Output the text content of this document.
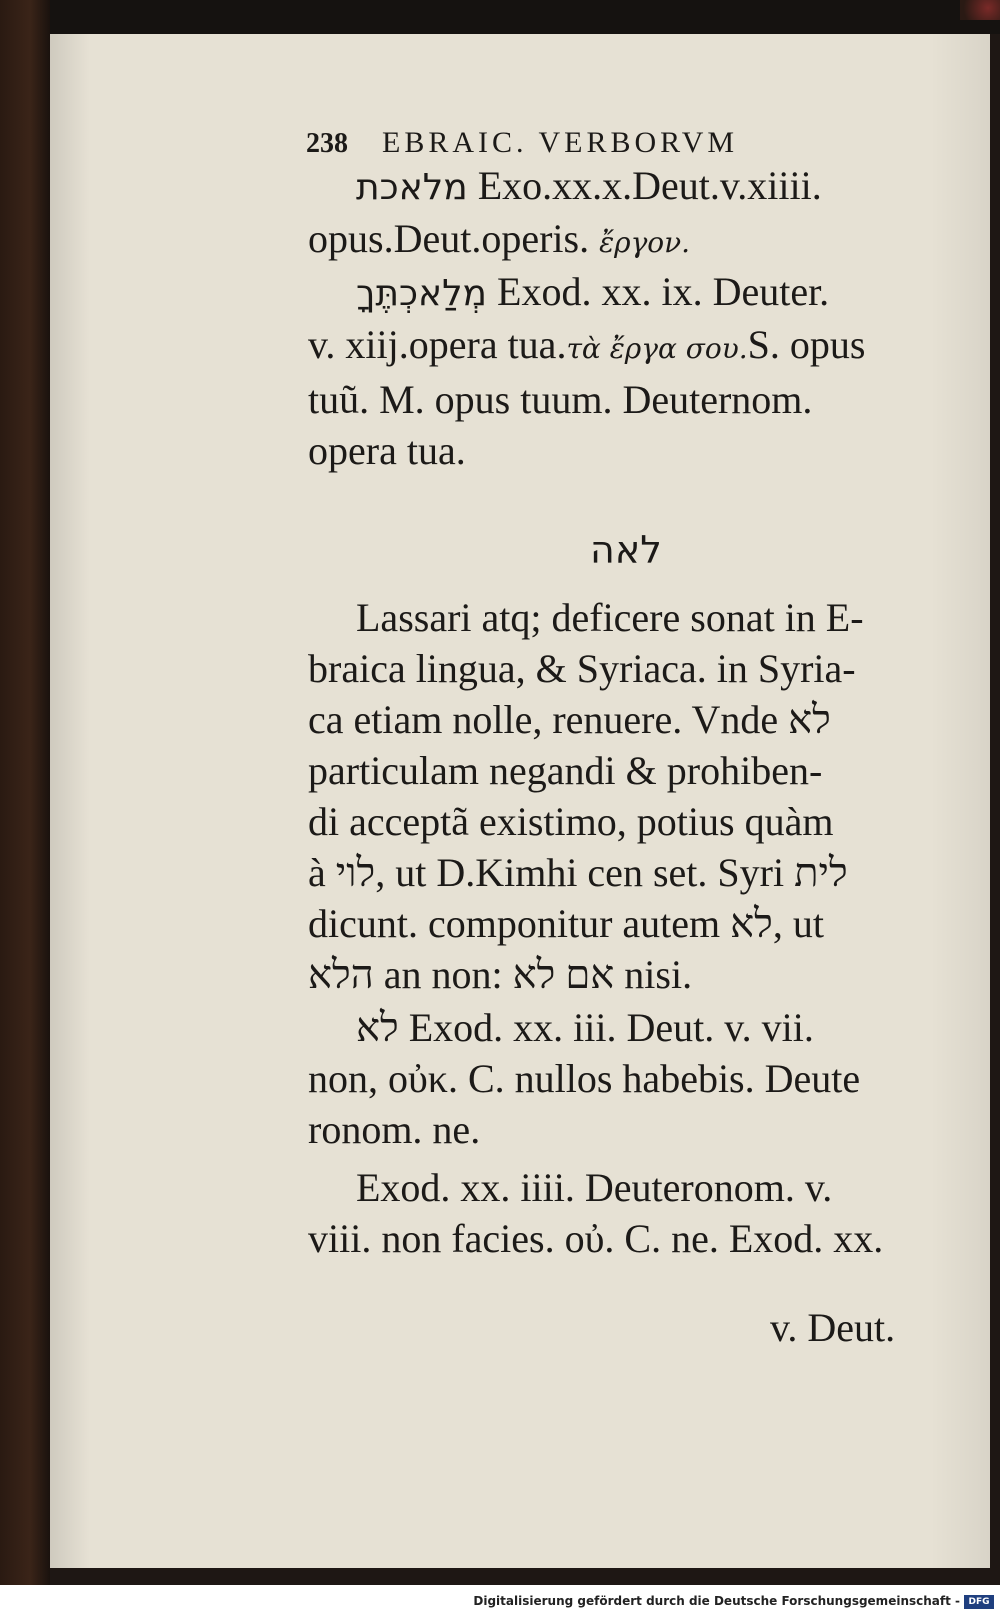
238 EBRAIC. VERBORVM
מלאכת Exo.xx.x.Deut.v.xiiii.
opus.Deut.operis. ἔργον.
מְלַאכְתֶּךָ Exod. xx. ix. Deuter.
v. xiij.opera tua.τὰ ἔργα σου.S. opus
tuũ. M. opus tuum. Deuternom.
opera tua.
לאה
Lassari atq; deficere sonat in E-
braica lingua, & Syriaca. in Syria-
ca etiam nolle, renuere. Vnde לא
particulam negandi & prohiben-
di acceptã existimo, potius quàm
à לוי, ut D.Kimhi cen set. Syri לית
dicunt. componitur autem לא, ut
הלא an non: אם לא nisi.
לא Exod. xx. iii. Deut. v. vii.
non, οὐκ. C. nullos habebis. Deute
ronom. ne.
Exod. xx. iiii. Deuteronom. v.
viii. non facies. οὐ. C. ne. Exod. xx.
v. Deut.
Digitalisierung gefördert durch die Deutsche Forschungsgemeinschaft - DFG
